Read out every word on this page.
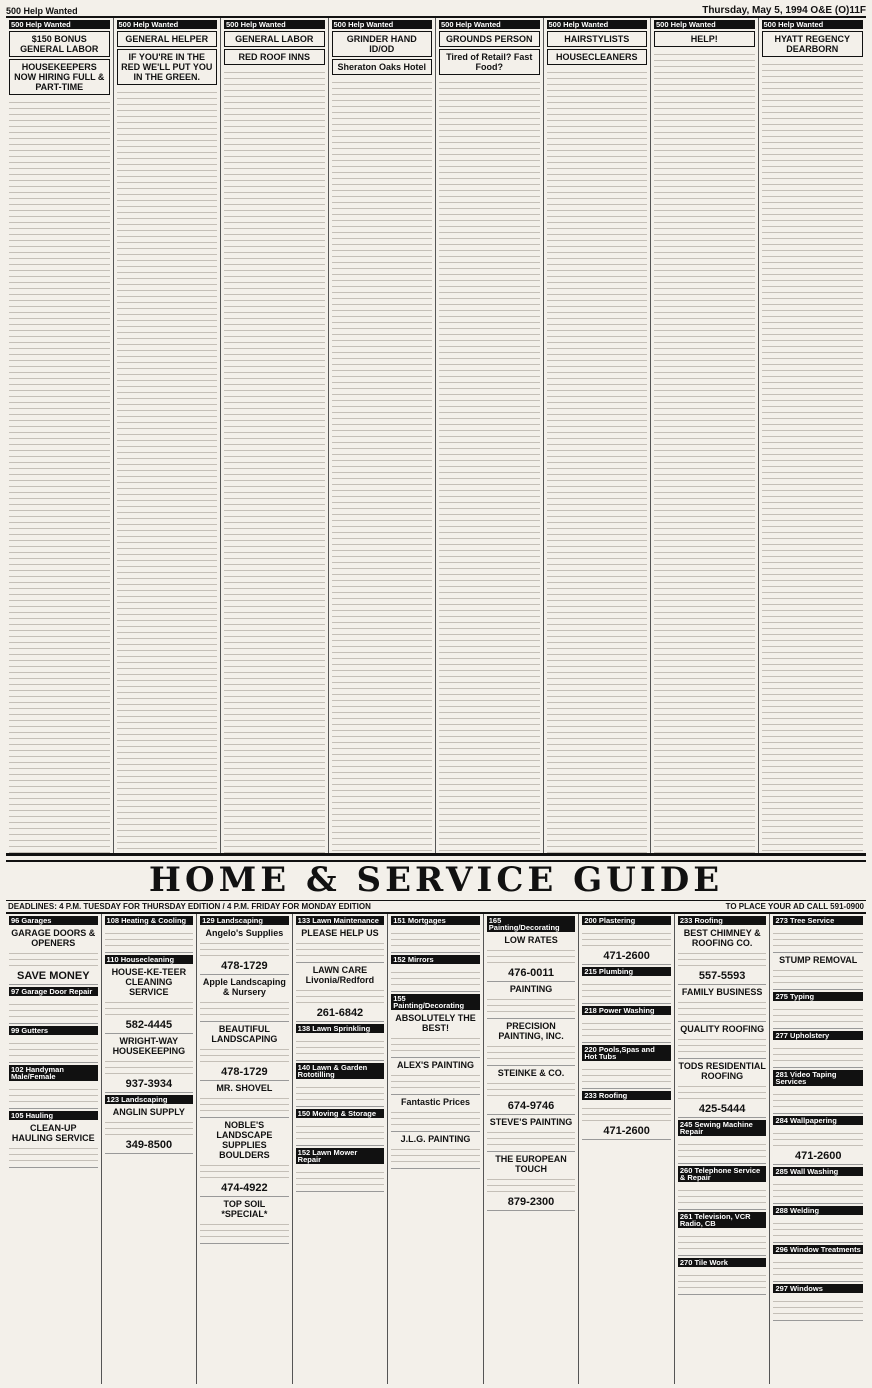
500 Help Wanted	Thursday, May 5, 1994 O&E (O)11F
500 Help Wanted
$150 BONUS GENERAL LABOR
HOUSEKEEPERS NOW HIRING FULL & PART-TIME
500 Help Wanted
GENERAL HELPER
IF YOU'RE IN THE RED WE'LL PUT YOU IN THE GREEN.
500 Help Wanted
GENERAL LABOR
RED ROOF INNS
500 Help Wanted
GRINDER HAND ID/OD
Sheraton Oaks Hotel
500 Help Wanted
GROUNDS PERSON
Tired of Retail? Fast Food?
500 Help Wanted
HAIRSTYLISTS
HOUSECLEANERS
500 Help Wanted
HELP!
500 Help Wanted
HYATT REGENCY DEARBORN
HOME & SERVICE GUIDE
DEADLINES: 4 P.M. TUESDAY FOR THURSDAY EDITION / 4 P.M. FRIDAY FOR MONDAY EDITION	TO PLACE YOUR AD CALL 591-0900
96 Garages
GARAGE DOORS & OPENERS
SAVE MONEY
97 Garage Door Repair
99 Gutters
102 Handyman Male/Female
105 Hauling
CLEAN-UP HAULING SERVICE
108 Heating & Cooling
110 Housecleaning
HOUSE-KE-TEER CLEANING SERVICE
582-4445
WRIGHT-WAY HOUSEKEEPING
937-3934
123 Landscaping
ANGLIN SUPPLY
349-8500
129 Landscaping
Angelo's Supplies
478-1729
Apple Landscaping & Nursery
BEAUTIFUL LANDSCAPING
478-1729
MR. SHOVEL
NOBLE'S LANDSCAPE SUPPLIES BOULDERS
474-4922
TOP SOIL *SPECIAL*
133 Lawn Maintenance
PLEASE HELP US
LAWN CARE Livonia/Redford
261-6842
138 Lawn Sprinkling
140 Lawn & Garden Rototilling
150 Moving & Storage
152 Lawn Mower Repair
151 Mortgages
152 Mirrors
155 Painting/Decorating
ABSOLUTELY THE BEST!
ALEX'S PAINTING
Fantastic Prices
J.L.G. PAINTING
165 Painting/Decorating
LOW RATES
476-0011
PAINTING
PRECISION PAINTING, INC.
STEINKE & CO.
674-9746
STEVE'S PAINTING
THE EUROPEAN TOUCH
879-2300
200 Plastering
471-2600
215 Plumbing
218 Power Washing
220 Pools,Spas and Hot Tubs
233 Roofing
471-2600
233 Roofing
BEST CHIMNEY & ROOFING CO.
557-5593
FAMILY BUSINESS
QUALITY ROOFING
TODS RESIDENTIAL ROOFING
425-5444
245 Sewing Machine Repair
260 Telephone Service & Repair
261 Television, VCR Radio, CB
270 Tile Work
273 Tree Service
STUMP REMOVAL
275 Typing
277 Upholstery
281 Video Taping Services
284 Wallpapering
471-2600
285 Wall Washing
288 Welding
296 Window Treatments
297 Windows
